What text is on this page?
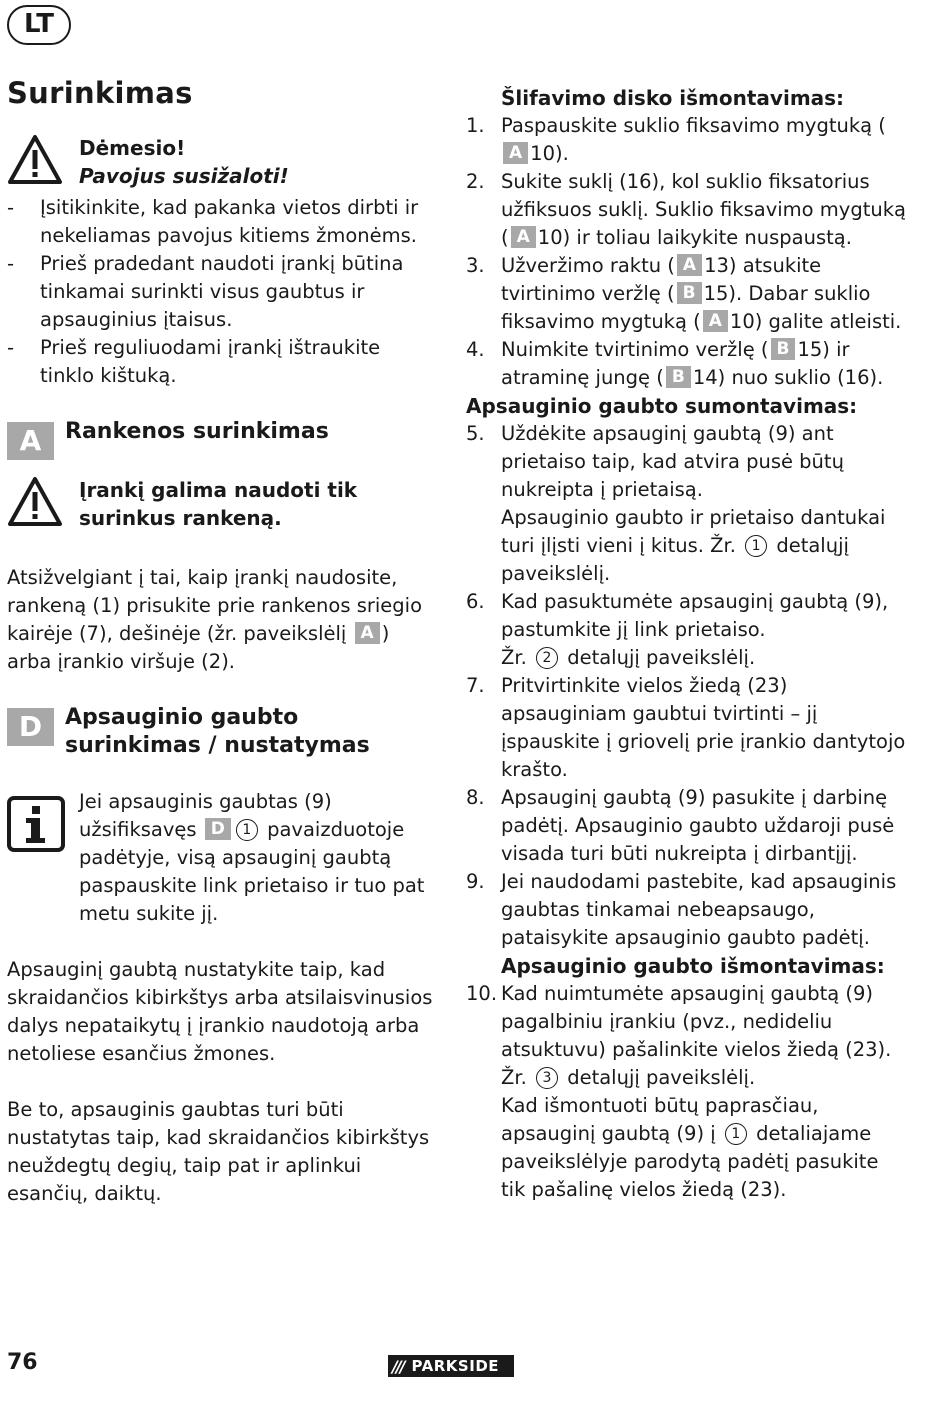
LT
Surinkimas
Dėmesio!
Pavojus susižaloti!
- Įsitikinkite, kad pakanka vietos dirbti ir nekeliamas pavojus kitiems žmonėms.
- Prieš pradedant naudoti įrankį būtina tinkamai surinkti visus gaubtus ir apsauginius įtaisus.
- Prieš reguliuodami įrankį ištraukite tinklo kištuką.
A	Rankenos surinkimas
Įrankį galima naudoti tik
surinkus rankeną.

Atsižvelgiant į tai, kaip įrankį naudosite, rankeną (1) prisukite prie rankenos sriegio kairėje (7), dešinėje (žr. paveikslėlį A ) arba įrankio viršuje (2).

D	Apsauginio gaubto surinkimas / nustatymas

Jei apsauginis gaubtas (9) užsifiksavęs D 1 pavaizduotoje padėtyje, visą apsauginį gaubtą paspauskite link prietaiso ir tuo pat metu sukite jį.

Apsauginį gaubtą nustatykite taip, kad skraidančios kibirkštys arba atsilaisvinusios dalys nepataikytų į įrankio naudotoją arba netoliese esančius žmones.

Be to, apsauginis gaubtas turi būti nustatytas taip, kad skraidančios kibirkštys neuždegtų degių, taip pat ir aplinkui esančių, daiktų.

Šlifavimo disko išmontavimas:
1. Paspauskite suklio fiksavimo mygtuką (A 10).
2. Sukite suklį (16), kol suklio fiksatorius užfiksuos suklį. Suklio fiksavimo mygtuką ( A 10) ir toliau laikykite nuspaustą.
3. Užveržimo raktu ( A 13) atsukite tvirtinimo veržlę ( B 15). Dabar suklio fiksavimo mygtuką ( A 10) galite atleisti.
4. Nuimkite tvirtinimo veržlę ( B 15) ir atraminę jungę ( B 14) nuo suklio (16).
Apsauginio gaubto sumontavimas:
5. Uždėkite apsauginį gaubtą (9) ant prietaiso taip, kad atvira pusė būtų nukreipta į prietaisą.
Apsauginio gaubto ir prietaiso dantukai turi įlįsti vieni į kitus. Žr. 1 detalųjį paveikslėlį.
6. Kad pasuktumėte apsauginį gaubtą (9), pastumkite jį link prietaiso.
Žr. 2 detalųjį paveikslėlį.
7. Pritvirtinkite vielos žiedą (23) apsauginiam gaubtui tvirtinti – jį įspauskite į griovelį prie įrankio dantytojo krašto.
8. Apsauginį gaubtą (9) pasukite į darbinę padėtį. Apsauginio gaubto uždaroji pusė visada turi būti nukreipta į dirbantįjį.
9. Jei naudodami pastebite, kad apsauginis gaubtas tinkamai nebeapsaugo, pataisykite apsauginio gaubto padėtį.
Apsauginio gaubto išmontavimas:
10. Kad nuimtumėte apsauginį gaubtą (9) pagalbiniu įrankiu (pvz., nedideliu atsuktuvu) pašalinkite vielos žiedą (23).
Žr. 3 detalųjį paveikslėlį.
Kad išmontuoti būtų paprasčiau, apsauginį gaubtą (9) į 1 detaliajame paveikslėlyje parodytą padėtį pasukite tik pašalinę vielos žiedą (23).
76	/// PARKSIDE
